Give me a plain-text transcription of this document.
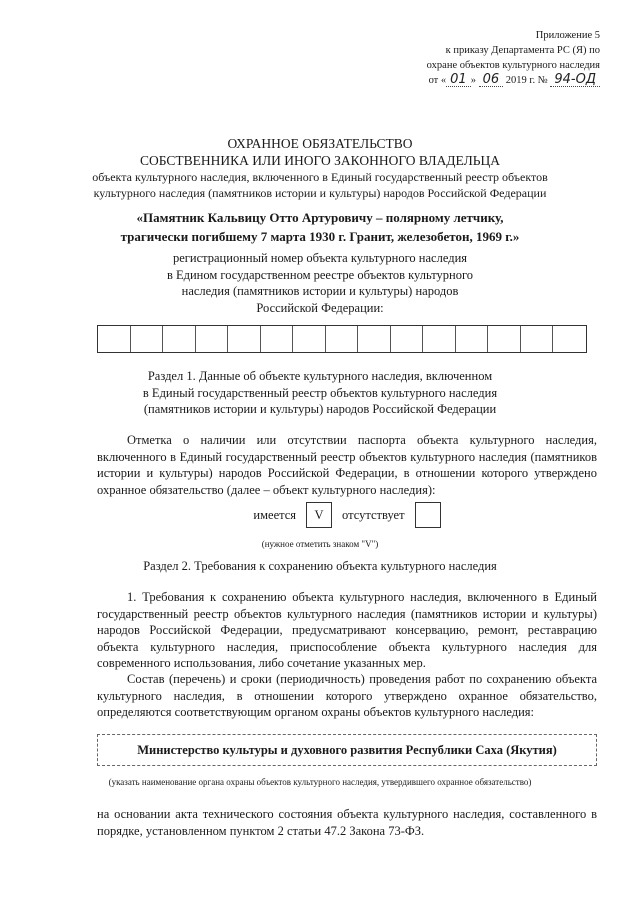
Приложение 5
к приказу Департамента РС (Я) по
охране объектов культурного наследия
от « 01 » 06 2019 г. № 94-ОД
ОХРАННОЕ ОБЯЗАТЕЛЬСТВО
СОБСТВЕННИКА ИЛИ ИНОГО ЗАКОННОГО ВЛАДЕЛЬЦА
объекта культурного наследия, включенного в Единый государственный реестр объектов
культурного наследия (памятников истории и культуры) народов Российской Федерации
«Памятник Кальвицу Отто Артуровичу – полярному летчику,
трагически погибшему 7 марта 1930 г. Гранит, железобетон, 1969 г.»
регистрационный номер объекта культурного наследия
в Едином государственном реестре объектов культурного
наследия (памятников истории и культуры) народов
Российской Федерации:
Раздел 1. Данные об объекте культурного наследия, включенном
в Единый государственный реестр объектов культурного наследия
(памятников истории и культуры) народов Российской Федерации
Отметка о наличии или отсутствии паспорта объекта культурного наследия, включенного в Единый государственный реестр объектов культурного наследия (памятников истории и культуры) народов Российской Федерации, в отношении которого утверждено охранное обязательство (далее – объект культурного наследия):
имеется	V	отсутствует
(нужное отметить знаком "V")
Раздел 2. Требования к сохранению объекта культурного наследия
1. Требования к сохранению объекта культурного наследия, включенного в Единый государственный реестр объектов культурного наследия (памятников истории и культуры) народов Российской Федерации, предусматривают консервацию, ремонт, реставрацию объекта культурного наследия, приспособление объекта культурного наследия для современного использования, либо сочетание указанных мер.
Состав (перечень) и сроки (периодичность) проведения работ по сохранению объекта культурного наследия, в отношении которого утверждено охранное обязательство, определяются соответствующим органом охраны объектов культурного наследия:
Министерство культуры и духовного развития Республики Саха (Якутия)
(указать наименование органа охраны объектов культурного наследия, утвердившего охранное обязательство)
на основании акта технического состояния объекта культурного наследия, составленного в порядке, установленном пунктом 2 статьи 47.2 Закона 73-ФЗ.
